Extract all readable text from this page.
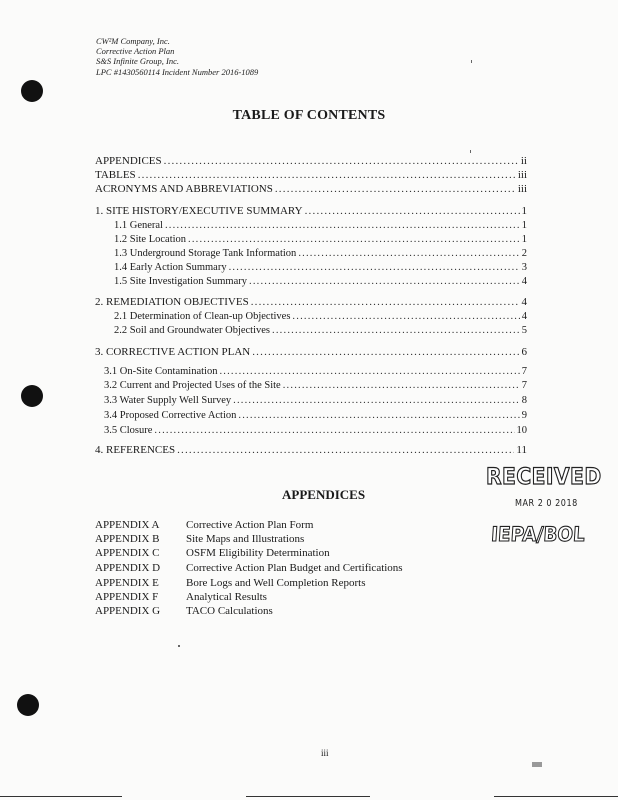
CW²M Company, Inc.
Corrective Action Plan
S&S Infinite Group, Inc.
LPC #1430560114 Incident Number 2016-1089
TABLE OF CONTENTS
APPENDICES .....	ii
TABLES .....	iii
ACRONYMS AND ABBREVIATIONS .....	iii
1. SITE HISTORY/EXECUTIVE SUMMARY .....	1
1.1 General .....	1
1.2 Site Location .....	1
1.3 Underground Storage Tank Information .....	2
1.4 Early Action Summary .....	3
1.5 Site Investigation Summary .....	4
2. REMEDIATION OBJECTIVES .....	4
2.1 Determination of Clean-up Objectives .....	4
2.2 Soil and Groundwater Objectives .....	5
3. CORRECTIVE ACTION PLAN .....	6
3.1 On-Site Contamination .....	7
3.2 Current and Projected Uses of the Site .....	7
3.3 Water Supply Well Survey .....	8
3.4 Proposed Corrective Action .....	9
3.5 Closure .....	10
4. REFERENCES .....	11
RECEIVED
MAR 2 0 2018
IEPA/BOL
APPENDICES
APPENDIX A Corrective Action Plan Form
APPENDIX B Site Maps and Illustrations
APPENDIX C OSFM Eligibility Determination
APPENDIX D Corrective Action Plan Budget and Certifications
APPENDIX E Bore Logs and Well Completion Reports
APPENDIX F	Analytical Results
APPENDIX G TACO Calculations
iii
